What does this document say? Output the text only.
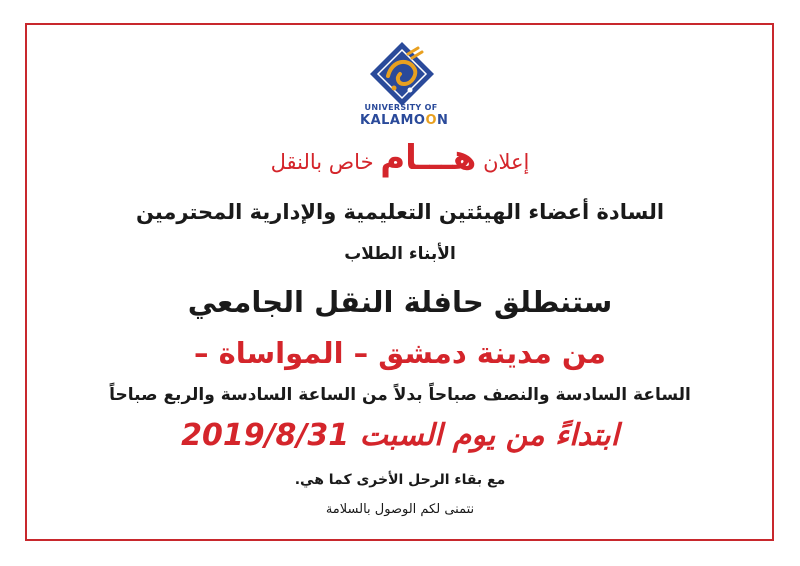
UNIVERSITY OF
KALAMOON
إعلان هـــام خاص بالنقل
السادة أعضاء الهيئتين التعليمية والإدارية المحترمين
الأبناء الطلاب
ستنطلق حافلة النقل الجامعي
من مدينة دمشق – المواساة –
الساعة السادسة والنصف صباحاً بدلاً من الساعة السادسة والربع صباحاً
ابتداءً من يوم السبت 2019/8/31
مع بقاء الرحل الأخرى كما هي.
نتمنى لكم الوصول بالسلامة
